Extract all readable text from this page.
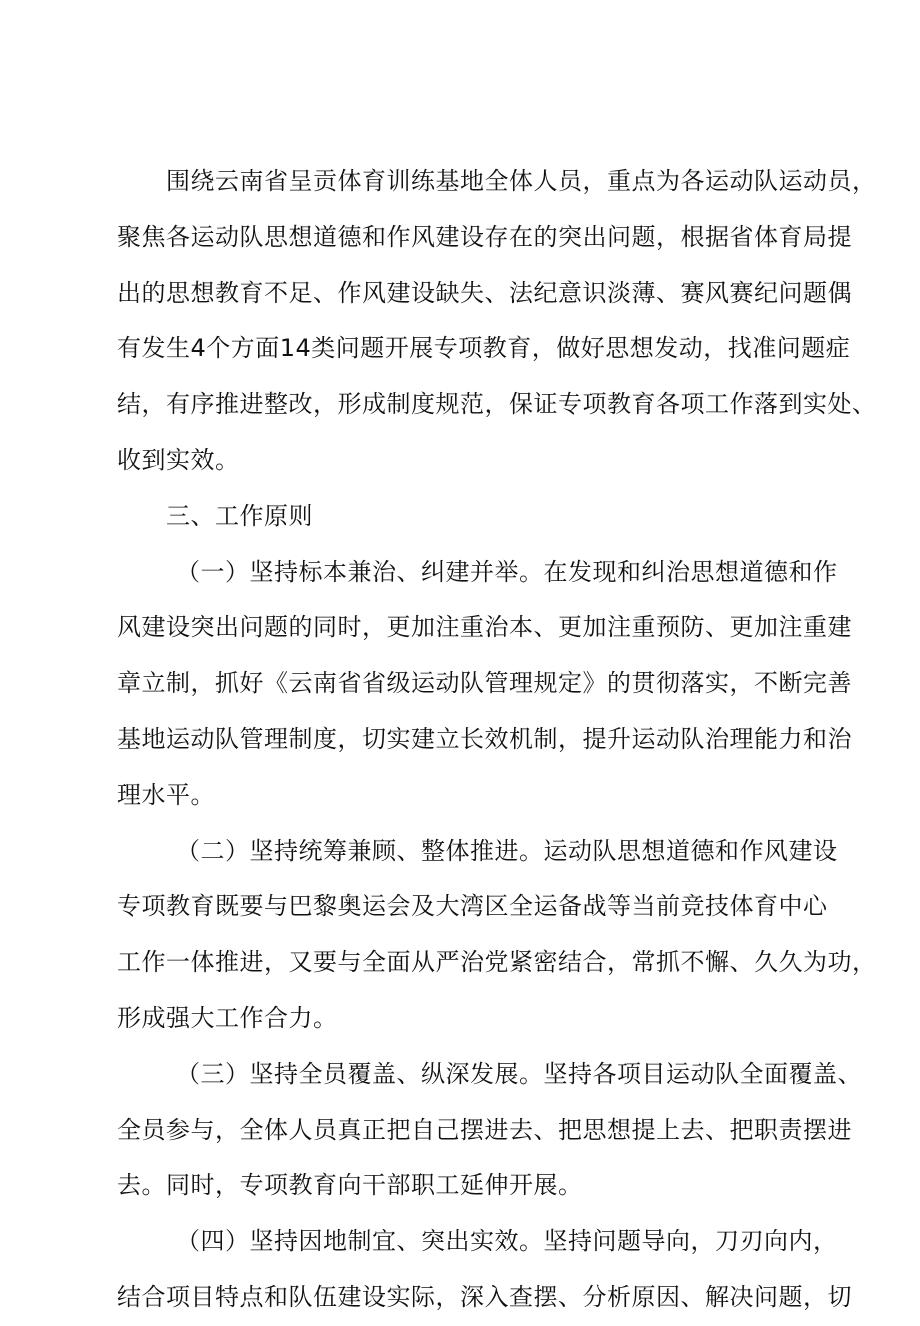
围绕云南省呈贡体育训练基地全体人员，重点为各运动队运动员，
聚焦各运动队思想道德和作风建设存在的突出问题，根据省体育局提
出的思想教育不足、作风建设缺失、法纪意识淡薄、赛风赛纪问题偶
有发生4个方面14类问题开展专项教育，做好思想发动，找准问题症
结，有序推进整改，形成制度规范，保证专项教育各项工作落到实处、
收到实效。
三、工作原则
（一）坚持标本兼治、纠建并举。在发现和纠治思想道德和作
风建设突出问题的同时，更加注重治本、更加注重预防、更加注重建
章立制，抓好《云南省省级运动队管理规定》的贯彻落实，不断完善
基地运动队管理制度，切实建立长效机制，提升运动队治理能力和治
理水平。
（二）坚持统筹兼顾、整体推进。运动队思想道德和作风建设
专项教育既要与巴黎奥运会及大湾区全运备战等当前竞技体育中心
工作一体推进，又要与全面从严治党紧密结合，常抓不懈、久久为功，
形成强大工作合力。
（三）坚持全员覆盖、纵深发展。坚持各项目运动队全面覆盖、
全员参与，全体人员真正把自己摆进去、把思想提上去、把职责摆进
去。同时，专项教育向干部职工延伸开展。
（四）坚持因地制宜、突出实效。坚持问题导向，刀刃向内，
结合项目特点和队伍建设实际，深入查摆、分析原因、解决问题，切
